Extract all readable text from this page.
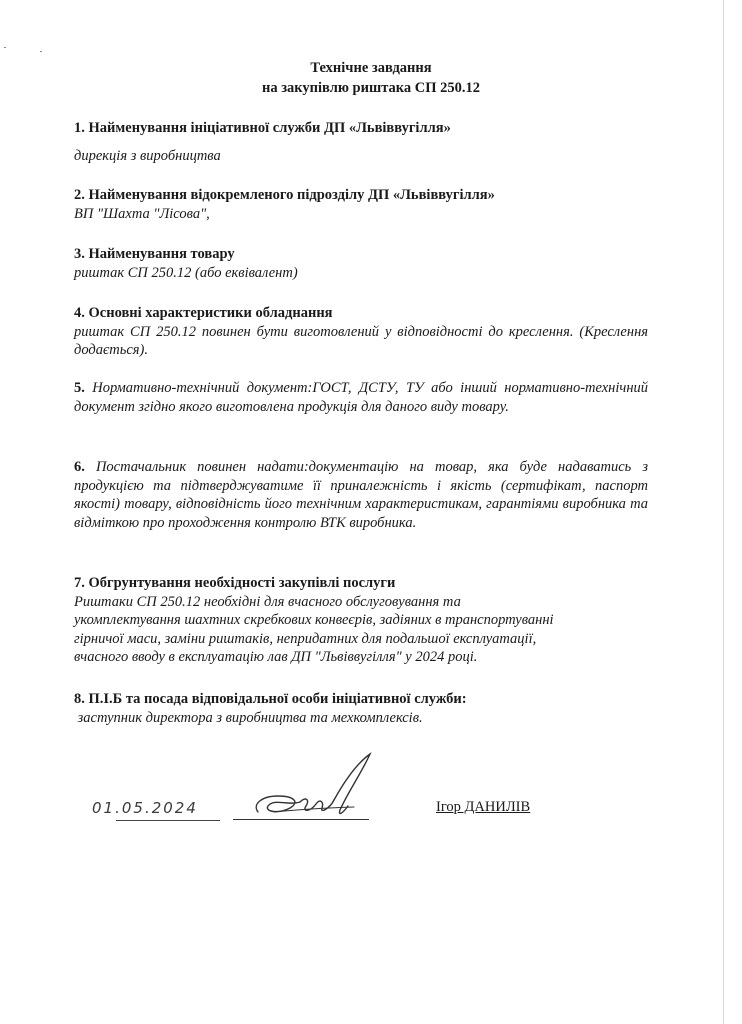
Технічне завдання
на закупівлю риштака СП 250.12
1. Найменування ініціативної служби ДП «Львіввугілля»
дирекція з виробництва
2. Найменування відокремленого підрозділу ДП «Львіввугілля»
ВП "Шахта "Лісова",
3. Найменування товару
риштак СП 250.12 (або еквівалент)
4. Основні характеристики обладнання
риштак СП 250.12 повинен бути виготовлений у відповідності до креслення. (Креслення додається).
5. Нормативно-технічний документ:ГОСТ, ДСТУ, ТУ або інший нормативно-технічний документ згідно якого виготовлена продукція для даного виду товару.
6. Постачальник повинен надати:документацію на товар, яка буде надаватись з продукцією та підтверджуватиме її приналежність і якість (сертифікат, паспорт якості) товару, відповідність його технічним характеристикам, гарантіями виробника та відміткою про проходження контролю ВТК виробника.
7. Обгрунтування необхідності закупівлі послуги
Риштаки СП 250.12 необхідні для вчасного обслуговування та
укомплектування шахтних скребкових конвеєрів, задіяних в транспортуванні
гірничої маси, заміни риштаків, непридатних для подальшої експлуатації,
вчасного вводу в експлуатацію лав ДП "Львіввугілля" у 2024 році.
8. П.І.Б та посада відповідальної особи ініціативної служби:
заступник директора з виробництва та мехкомплексів.
01.05.2024	Ігор ДАНИЛІВ
